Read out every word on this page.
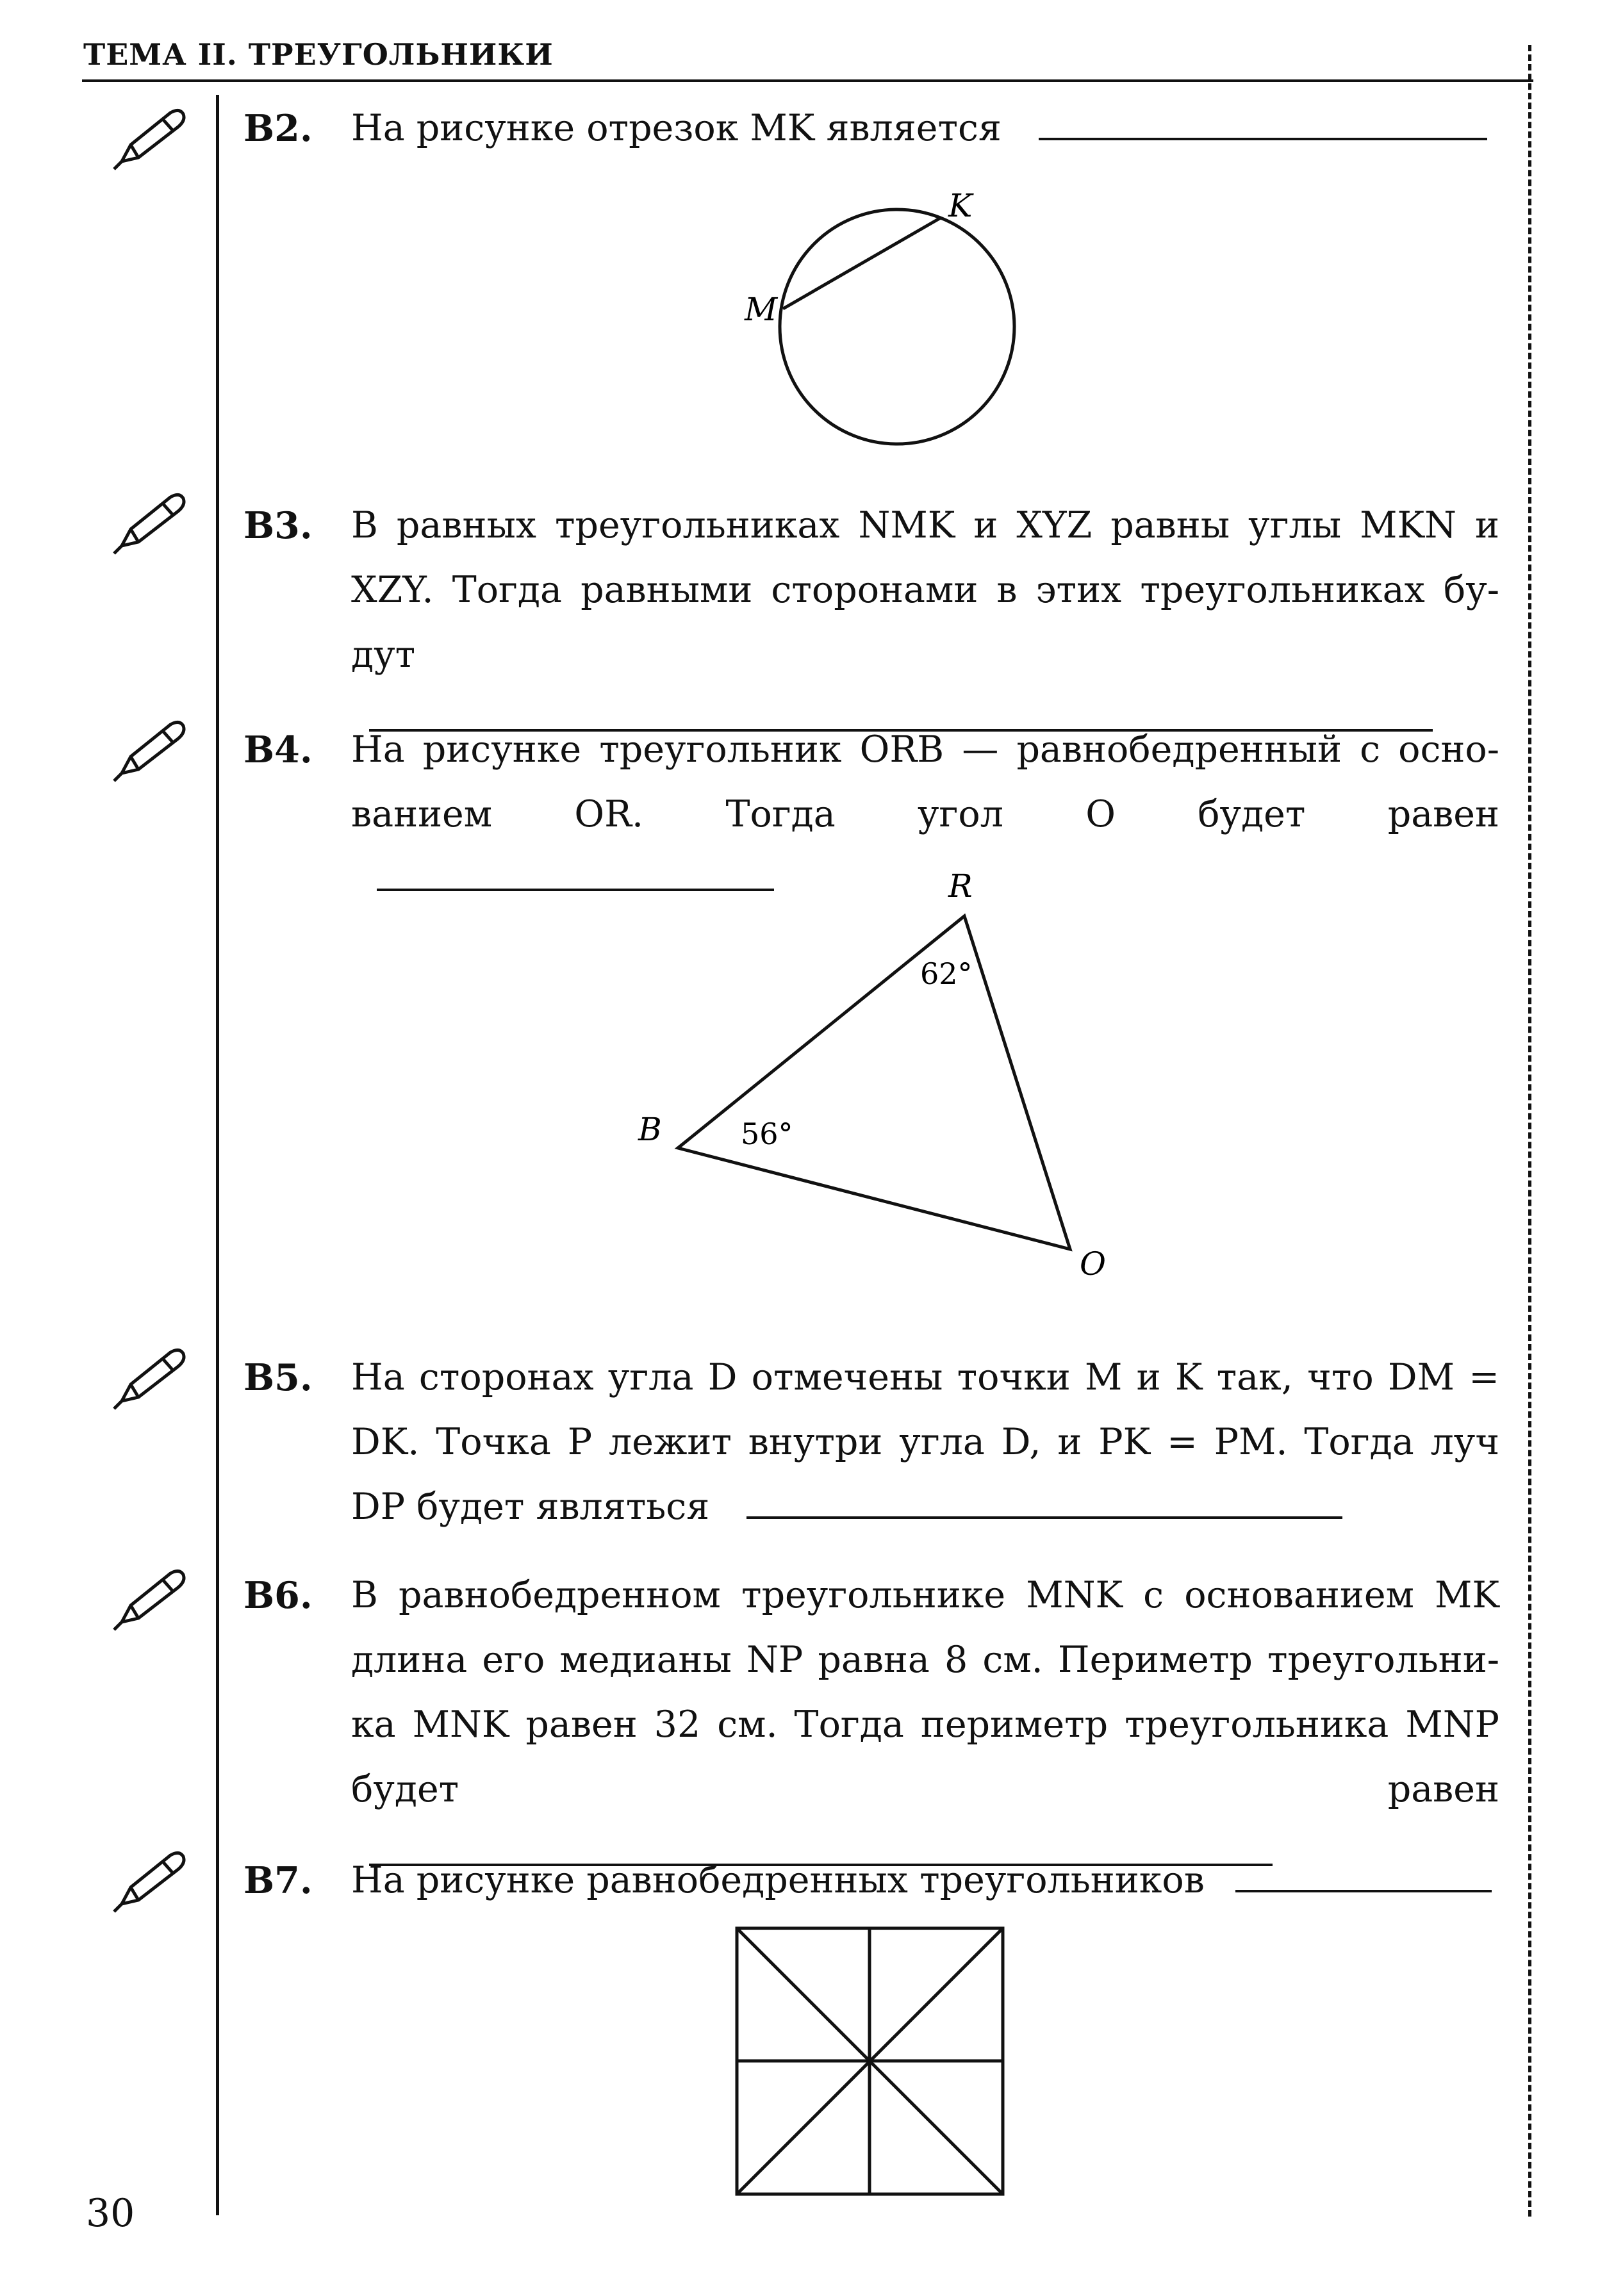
ТЕМА II. ТРЕУГОЛЬНИКИ
B2. На рисунке отрезок MK является
K
M
B3. В равных треугольниках NMK и XYZ равны углы MKN и XZY. Тогда равными сторонами в этих треугольниках будут
B4. На рисунке треугольник ORB — равнобедренный с основанием OR. Тогда угол O будет равен
R
B
O
62°
56°
B5. На сторонах угла D отмечены точки M и K так, что DM = DK. Точка P лежит внутри угла D, и PK = PM. Тогда луч DP будет являться
B6. В равнобедренном треугольнике MNK с основанием MK длина его медианы NP равна 8 см. Периметр треугольника MNK равен 32 см. Тогда периметр треугольника MNP будет равен
B7. На рисунке равнобедренных треугольников
30
